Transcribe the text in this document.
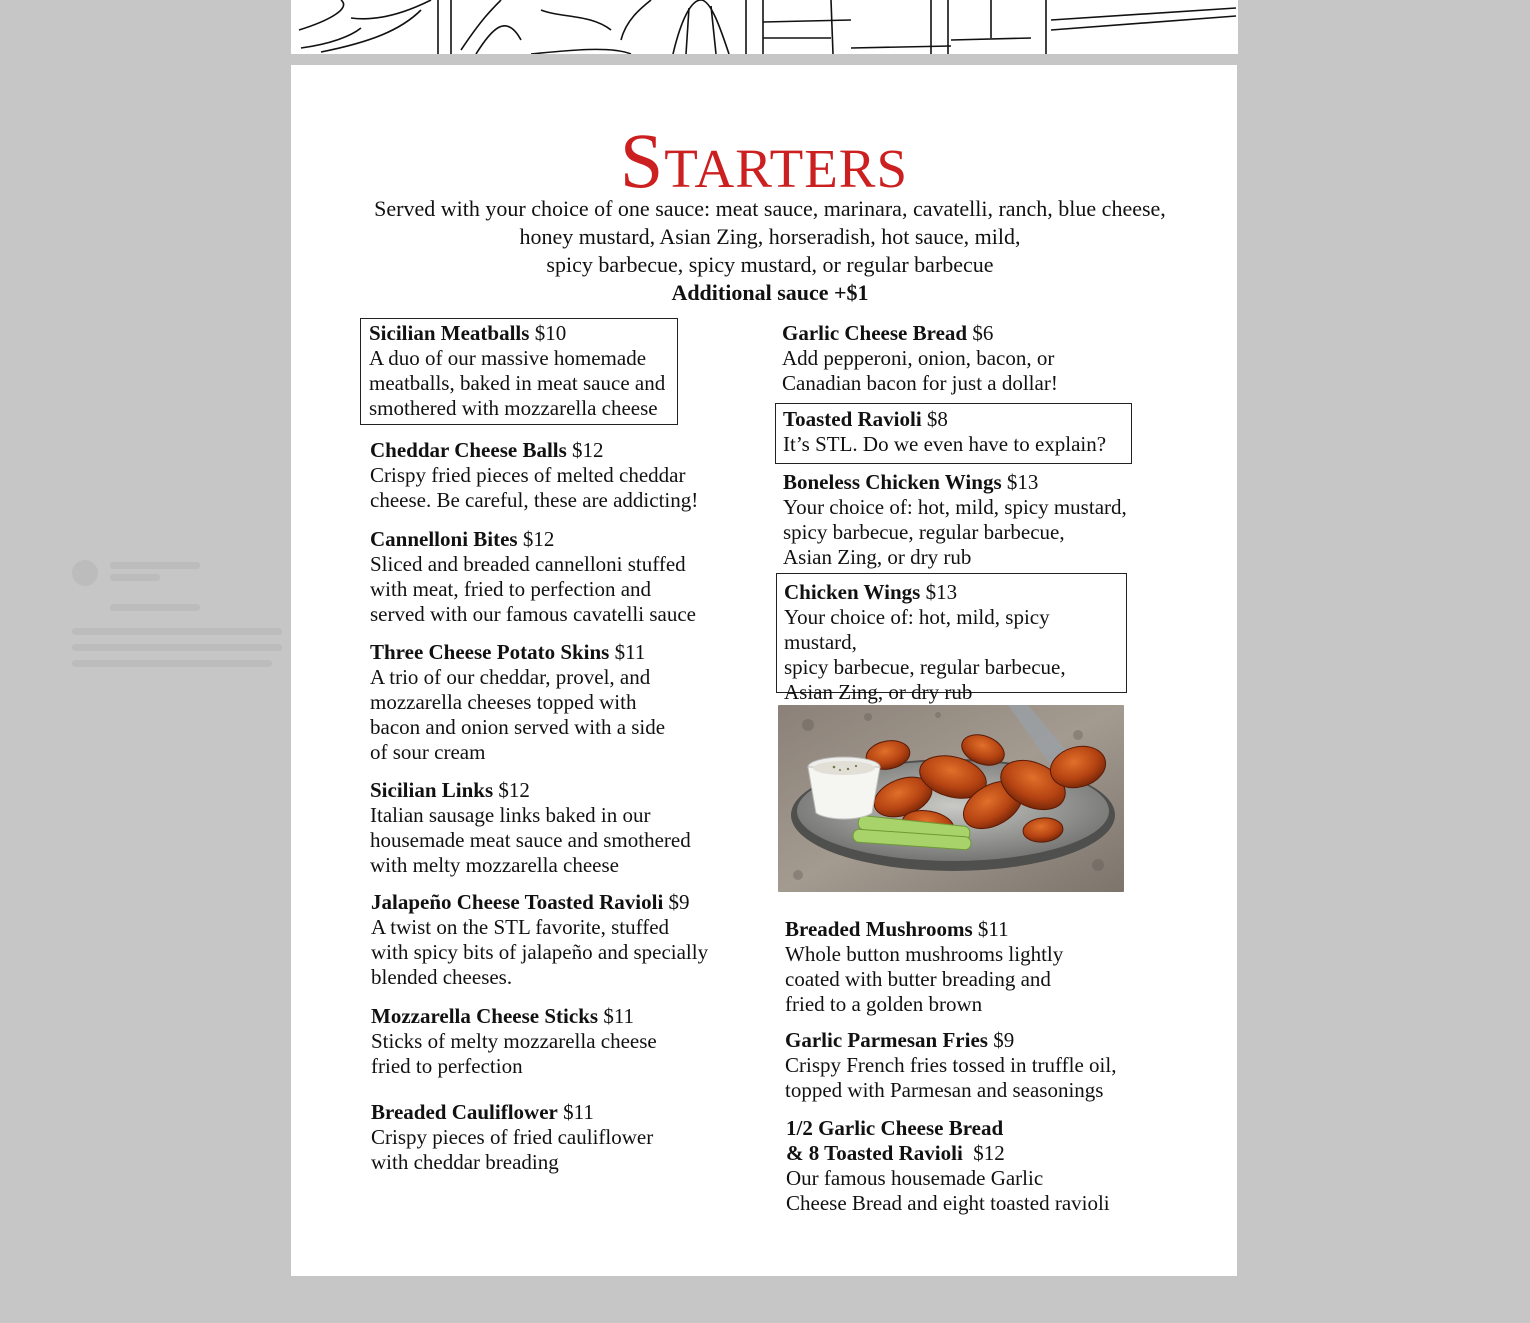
Starters
Served with your choice of one sauce: meat sauce, marinara, cavatelli, ranch, blue cheese,
honey mustard, Asian Zing, horseradish, hot sauce, mild,
spicy barbecue, spicy mustard, or regular barbecue
Additional sauce +$1
Sicilian Meatballs $10
A duo of our massive homemade
meatballs, baked in meat sauce and
smothered with mozzarella cheese
Cheddar Cheese Balls $12
Crispy fried pieces of melted cheddar
cheese. Be careful, these are addicting!
Cannelloni Bites $12
Sliced and breaded cannelloni stuffed
with meat, fried to perfection and
served with our famous cavatelli sauce
Three Cheese Potato Skins $11
A trio of our cheddar, provel, and
mozzarella cheeses topped with
bacon and onion served with a side
of sour cream
Sicilian Links $12
Italian sausage links baked in our
housemade meat sauce and smothered
with melty mozzarella cheese
Jalapeño Cheese Toasted Ravioli $9
A twist on the STL favorite, stuffed
with spicy bits of jalapeño and specially
blended cheeses.
Mozzarella Cheese Sticks $11
Sticks of melty mozzarella cheese
fried to perfection
Breaded Cauliflower $11
Crispy pieces of fried cauliflower
with cheddar breading
Garlic Cheese Bread $6
Add pepperoni, onion, bacon, or
Canadian bacon for just a dollar!
Toasted Ravioli $8
It’s STL. Do we even have to explain?
Boneless Chicken Wings $13
Your choice of: hot, mild, spicy mustard,
spicy barbecue, regular barbecue,
Asian Zing, or dry rub
Chicken Wings $13
Your choice of: hot, mild, spicy mustard,
spicy barbecue, regular barbecue,
Asian Zing, or dry rub
Breaded Mushrooms $11
Whole button mushrooms lightly
coated with butter breading and
fried to a golden brown
Garlic Parmesan Fries $9
Crispy French fries tossed in truffle oil,
topped with Parmesan and seasonings
1/2 Garlic Cheese Bread
& 8 Toasted Ravioli $12
Our famous housemade Garlic
Cheese Bread and eight toasted ravioli
